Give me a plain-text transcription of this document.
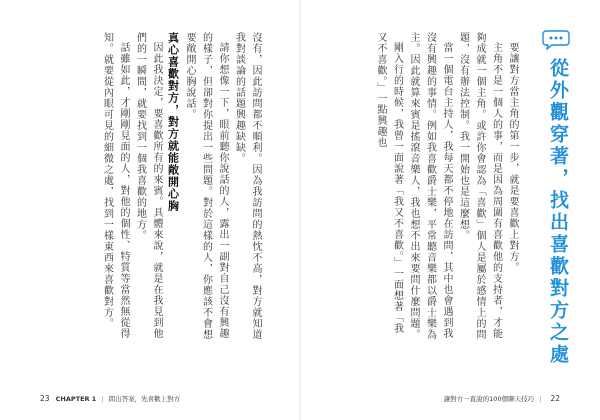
從外觀穿著，找出喜歡對方之處

要讓對方當主角的第一步，就是要喜歡上對方。

主角不是一個人的事，而是因為周圍有喜歡他的支持者，才能夠成就一個主角。或許你會認為「喜歡」個人是屬於感情上的問題，沒有辦法控制。我一開始也是這麼想。

當一個電台主持人，我每天都不停地在訪問，其中也會遇到我沒有興趣的事情。例如我喜歡爵士樂，平常聽音樂都以爵士樂為主。因此就算來賓是搖滾音樂人，我也想不出來要問什麼問題。

剛入行的時候，我曾一面說著「我又不喜歡。」一面想著「我又不喜歡。」一點興趣也

沒有，因此訪問都不順利。因為我訪問的熱忱不高，對方就知道我對談論的話題興趣缺缺。

請你想像一下，眼前聽你說話的人，露出一副對自己沒有興趣的樣子，但卻對你提出一些問題。對於這樣的人，你應該不會想要敞開心胸說話。

真心喜歡對方，對方就能敞開心胸

因此我決定，要喜歡所有的來賓。具體來說，就是在我見到他們的一瞬間，就要找到一個我喜歡的地方。

話雖如此，才剛剛見面的人，對他的個性、特質等當然無從得知。就要從內眼可見的細微之處，找到一樣東西來喜歡對方。

23 CHAPTER 1 | 問出答案，先喜歡上對方	讓對方一直說的100個聊天技巧 | 22
